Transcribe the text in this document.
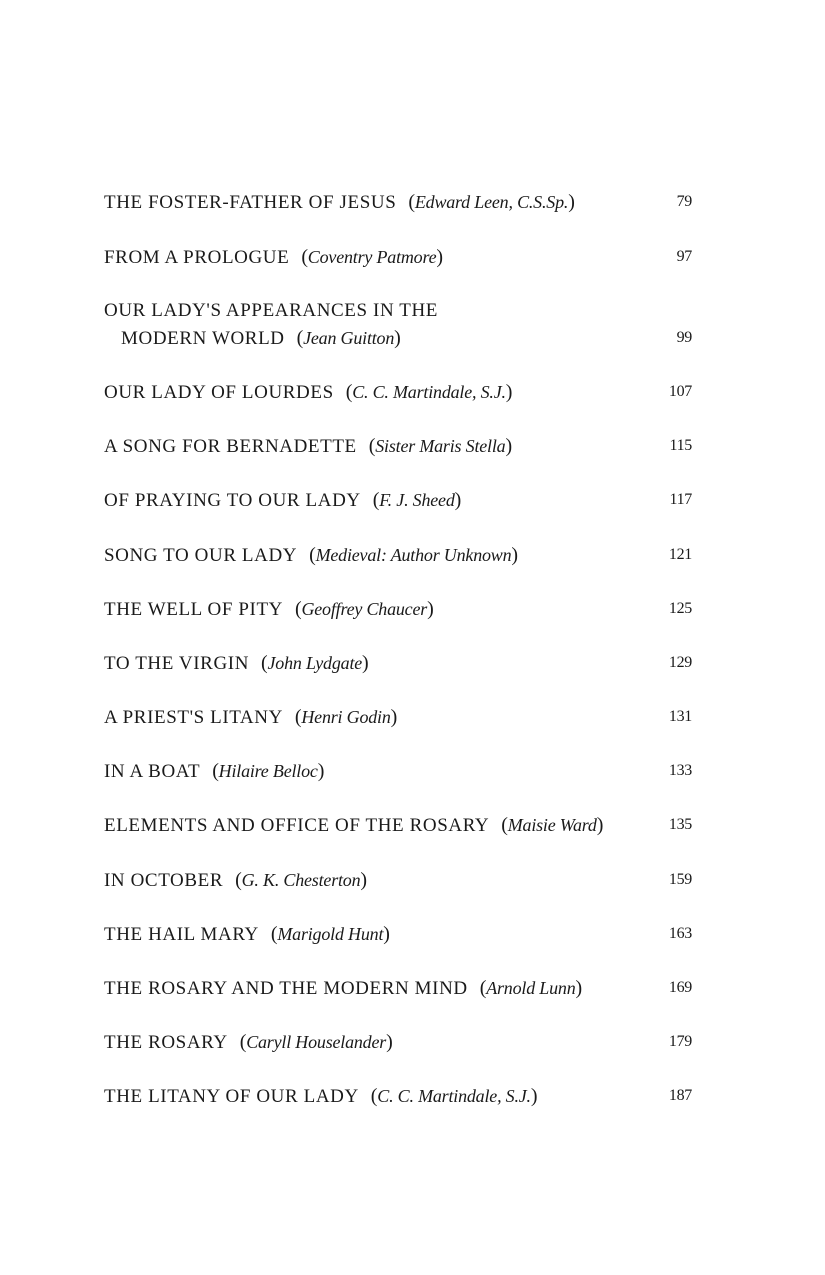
THE FOSTER-FATHER OF JESUS (Edward Leen, C.S.Sp.)	79
FROM A PROLOGUE (Coventry Patmore)	97
OUR LADY'S APPEARANCES IN THE
MODERN WORLD (Jean Guitton)	99
OUR LADY OF LOURDES (C. C. Martindale, S.J.)	107
A SONG FOR BERNADETTE (Sister Maris Stella)	115
OF PRAYING TO OUR LADY (F. J. Sheed)	117
SONG TO OUR LADY (Medieval: Author Unknown)	121
THE WELL OF PITY (Geoffrey Chaucer)	125
TO THE VIRGIN (John Lydgate)	129
A PRIEST'S LITANY (Henri Godin)	131
IN A BOAT (Hilaire Belloc)	133
ELEMENTS AND OFFICE OF THE ROSARY (Maisie Ward)	135
IN OCTOBER (G. K. Chesterton)	159
THE HAIL MARY (Marigold Hunt)	163
THE ROSARY AND THE MODERN MIND (Arnold Lunn)	169
THE ROSARY (Caryll Houselander)	179
THE LITANY OF OUR LADY (C. C. Martindale, S.J.)	187
